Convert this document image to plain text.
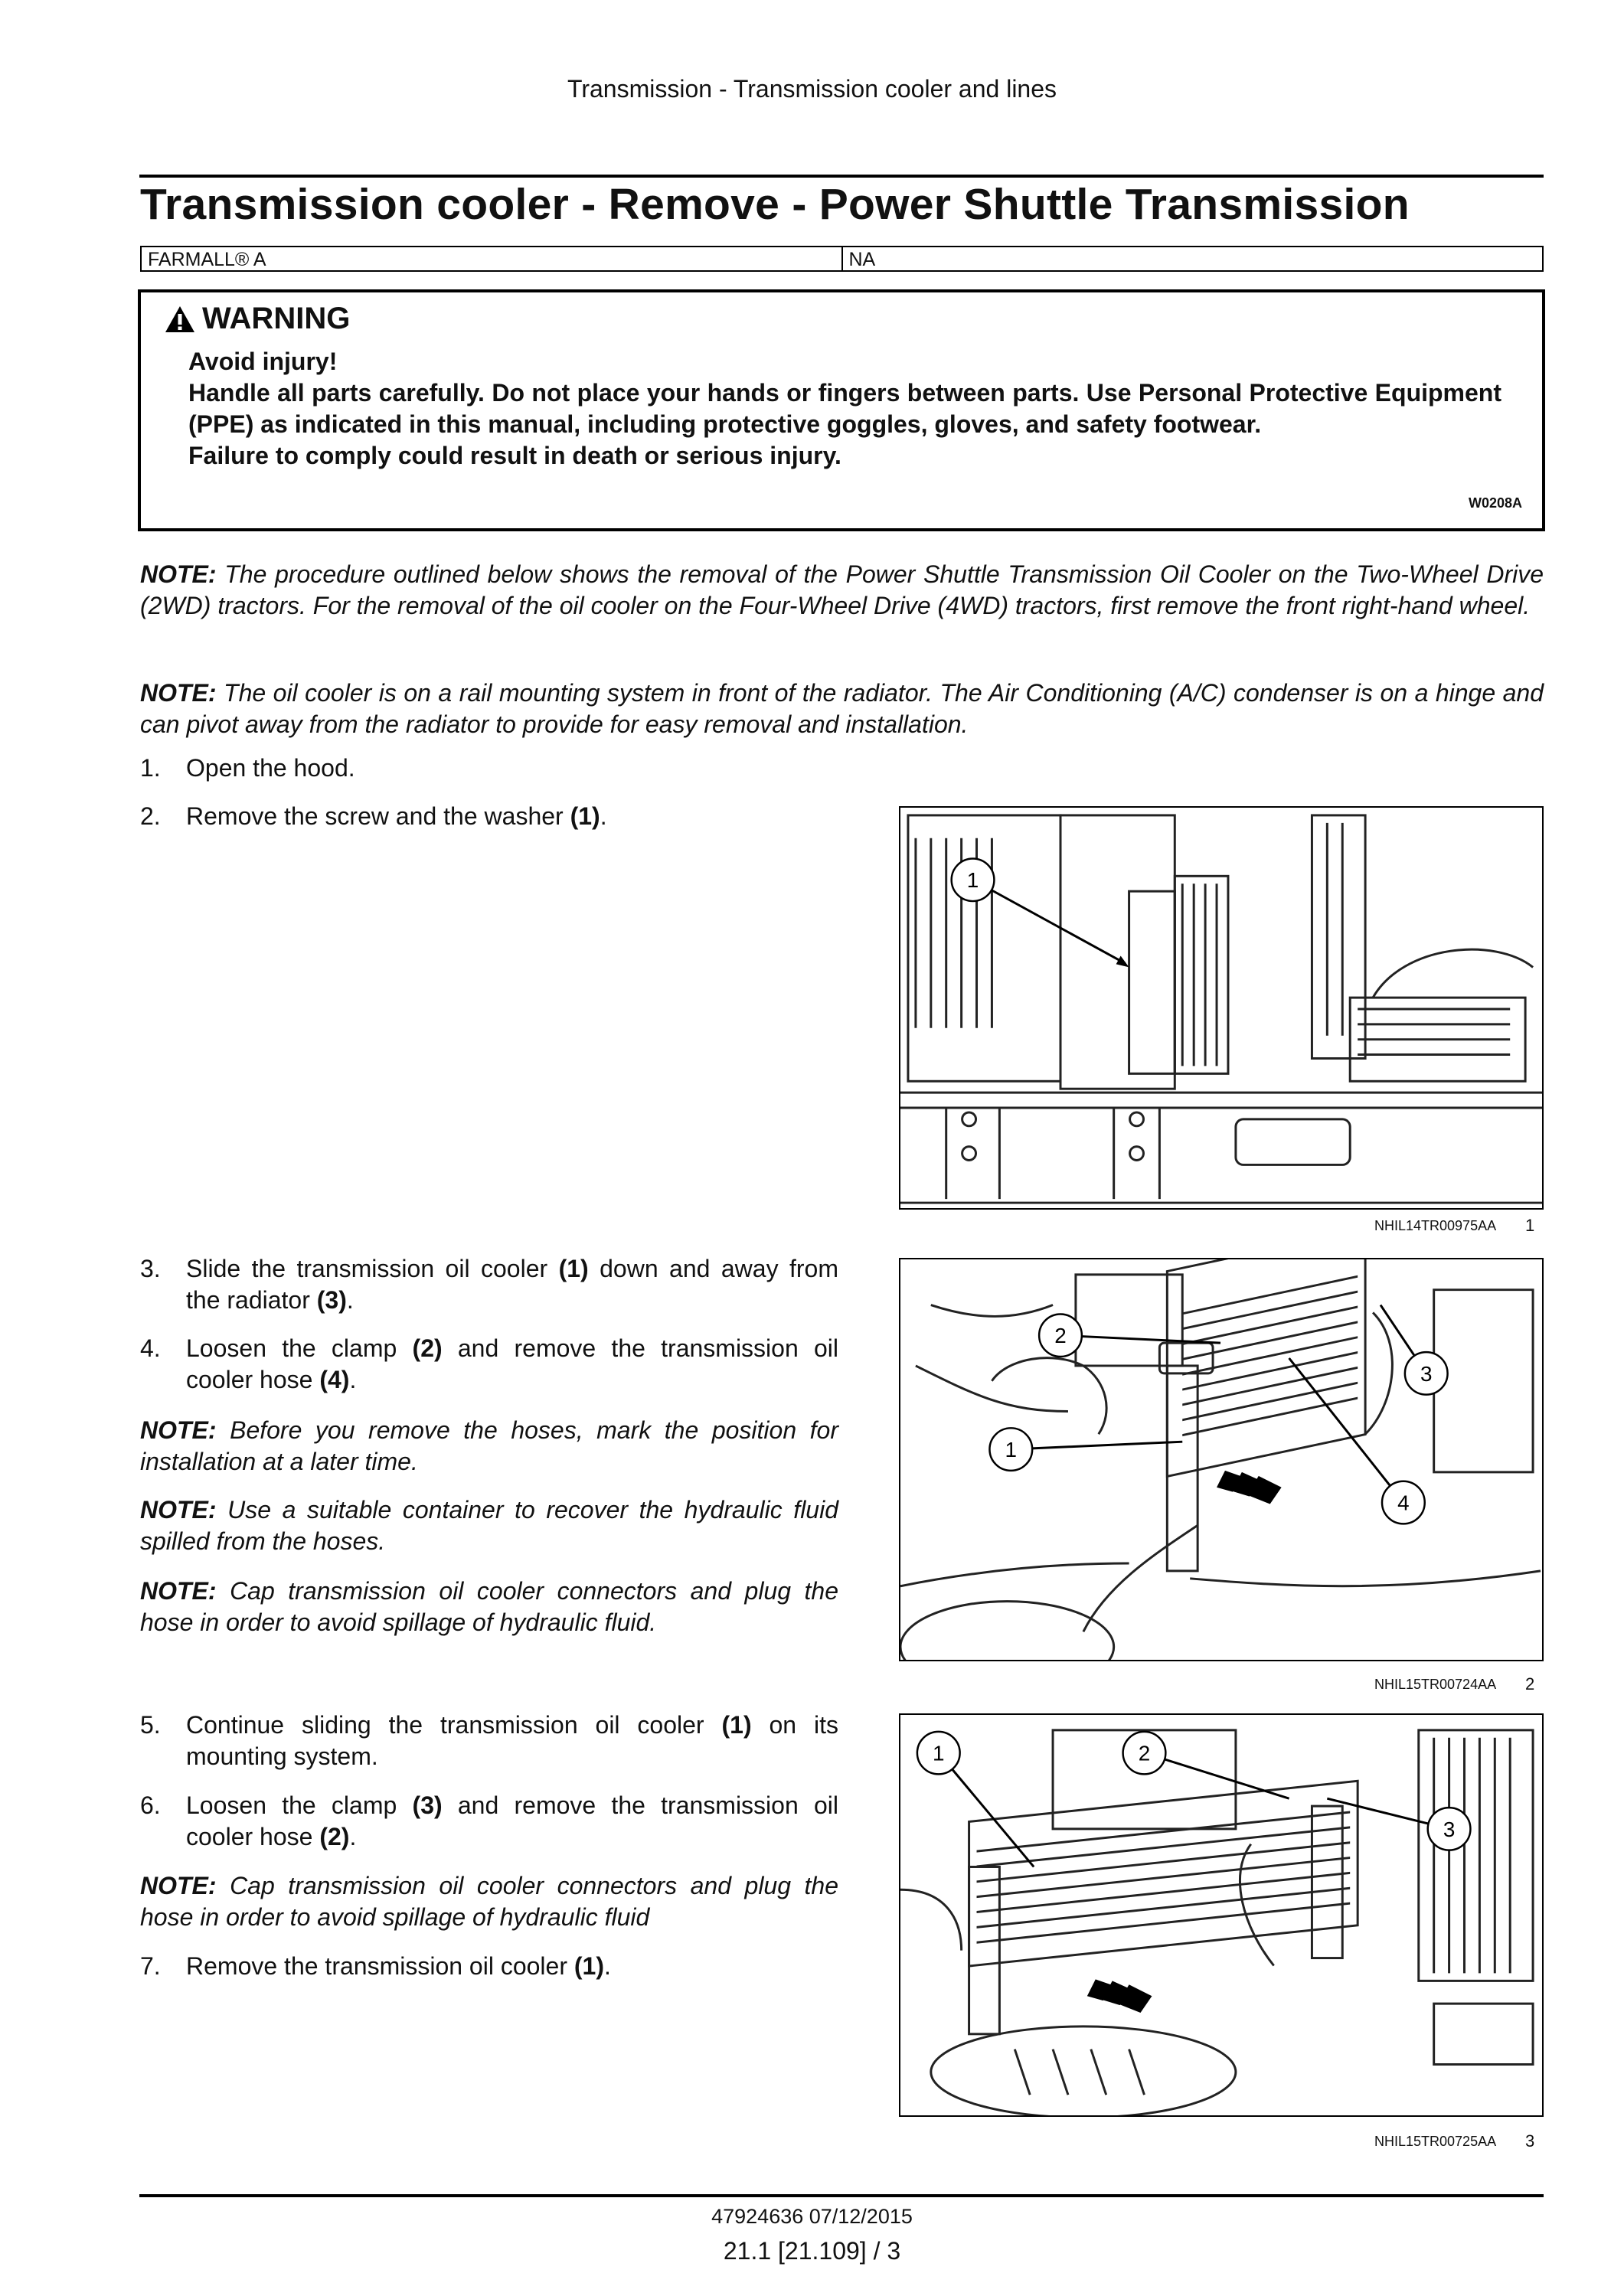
Transmission - Transmission cooler and lines
Transmission cooler - Remove - Power Shuttle Transmission
FARMALL® A	NA
WARNING

Avoid injury!

Handle all parts carefully. Do not place your hands or fingers between parts. Use Personal Protective Equipment (PPE) as indicated in this manual, including protective goggles, gloves, and safety footwear.

Failure to comply could result in death or serious injury.

W0208A
NOTE: The procedure outlined below shows the removal of the Power Shuttle Transmission Oil Cooler on the Two-Wheel Drive (2WD) tractors. For the removal of the oil cooler on the Four-Wheel Drive (4WD) tractors, first remove the front right-hand wheel.
NOTE: The oil cooler is on a rail mounting system in front of the radiator. The Air Conditioning (A/C) condenser is on a hinge and can pivot away from the radiator to provide for easy removal and installation.
1. Open the hood.
2. Remove the screw and the washer (1).
1
NHIL14TR00975AA 1
3. Slide the transmission oil cooler (1) down and away from the radiator (3).
4. Loosen the clamp (2) and remove the transmission oil cooler hose (4).
NOTE: Before you remove the hoses, mark the position for installation at a later time.
NOTE: Use a suitable container to recover the hydraulic fluid spilled from the hoses.
NOTE: Cap transmission oil cooler connectors and plug the hose in order to avoid spillage of hydraulic fluid.
2
3
1
4
NHIL15TR00724AA 2
5. Continue sliding the transmission oil cooler (1) on its mounting system.
6. Loosen the clamp (3) and remove the transmission oil cooler hose (2).
NOTE: Cap transmission oil cooler connectors and plug the hose in order to avoid spillage of hydraulic fluid
7. Remove the transmission oil cooler (1).
1	2
3
NHIL15TR00725AA 3
47924636 07/12/2015
21.1 [21.109] / 3
